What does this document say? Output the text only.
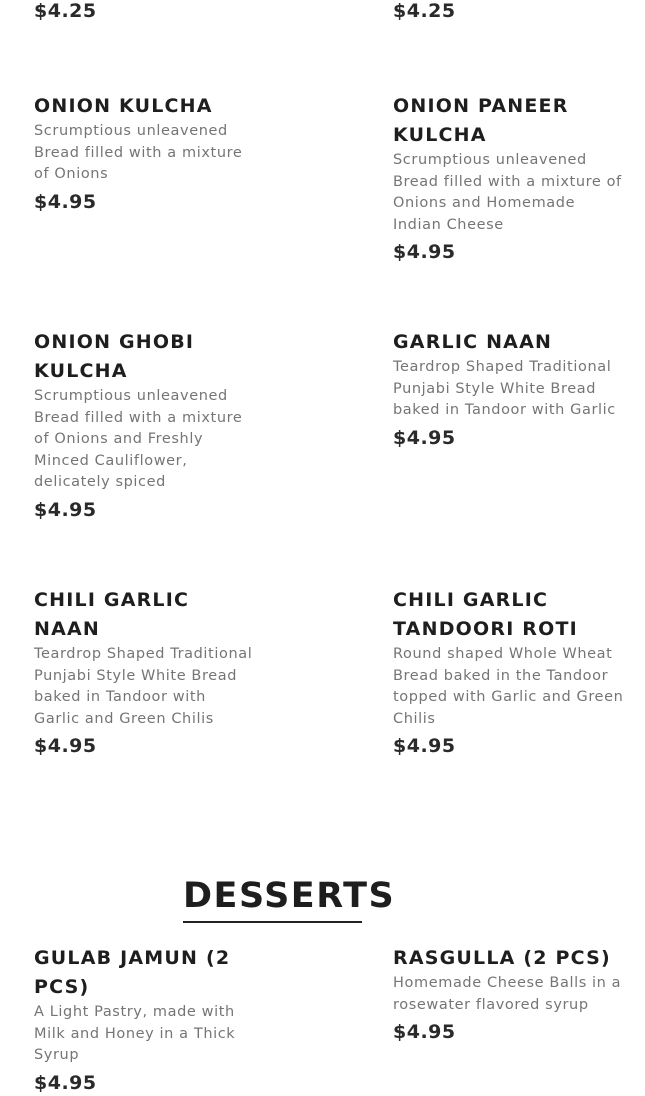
$4.25	$4.25
ONION KULCHA

Scrumptious unleavened Bread filled with a mixture of Onions

$4.95
ONION PANEER KULCHA

Scrumptious unleavened Bread filled with a mixture of Onions and Homemade Indian Cheese

$4.95
ONION GHOBI KULCHA

Scrumptious unleavened Bread filled with a mixture of Onions and Freshly Minced Cauliflower, delicately spiced

$4.95
GARLIC NAAN

Teardrop Shaped Traditional Punjabi Style White Bread baked in Tandoor with Garlic

$4.95
CHILI GARLIC NAAN

Teardrop Shaped Traditional Punjabi Style White Bread baked in Tandoor with Garlic and Green Chilis

$4.95
CHILI GARLIC TANDOORI ROTI

Round shaped Whole Wheat Bread baked in the Tandoor topped with Garlic and Green Chilis

$4.95
DESSERTS
GULAB JAMUN (2 PCS)

A Light Pastry, made with Milk and Honey in a Thick Syrup

$4.95
RASGULLA (2 PCS)

Homemade Cheese Balls in a rosewater flavored syrup

$4.95
